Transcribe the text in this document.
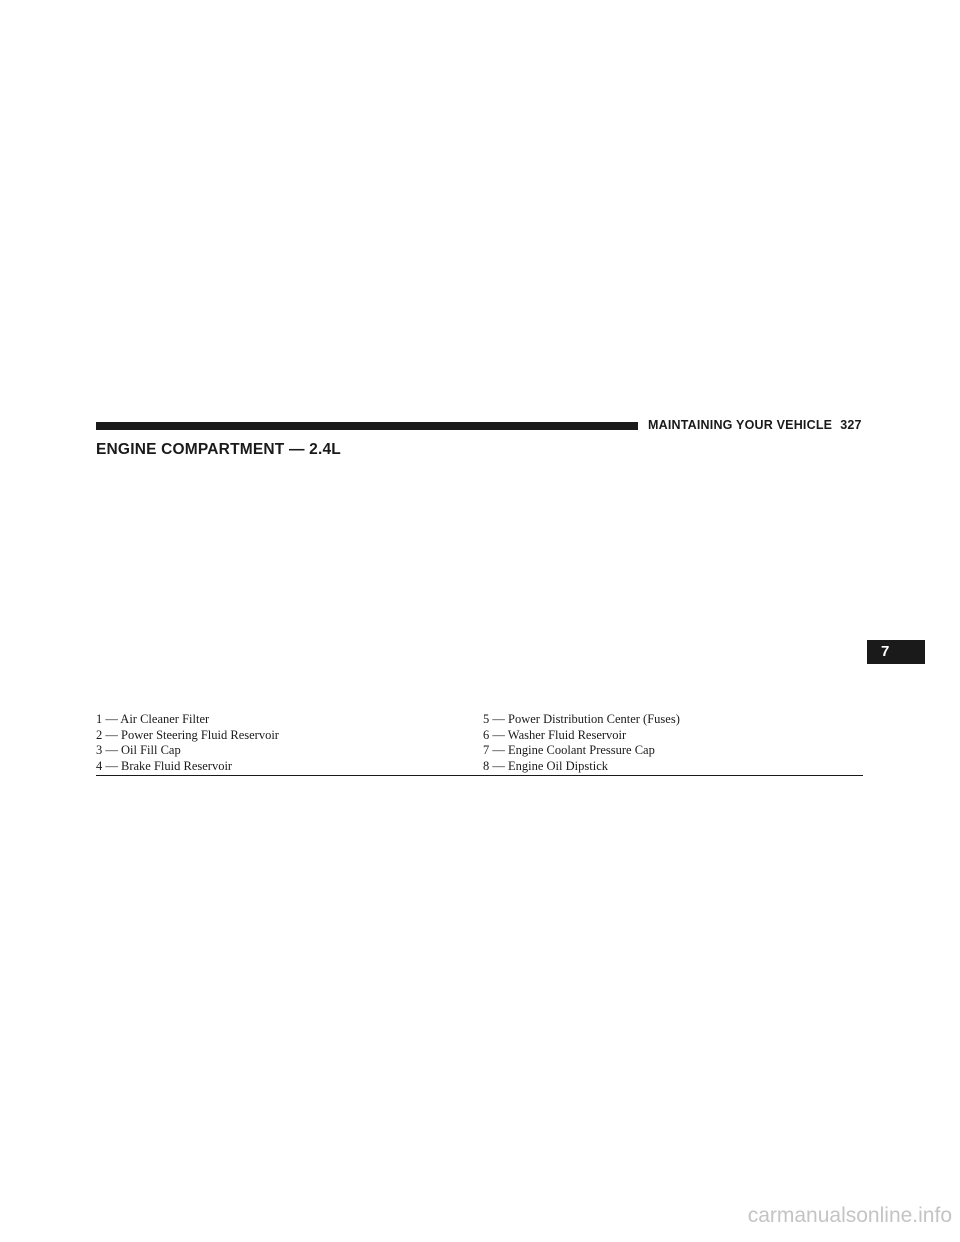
MAINTAINING YOUR VEHICLE 327
ENGINE COMPARTMENT — 2.4L
1 — Air Cleaner Filter
2 — Power Steering Fluid Reservoir
3 — Oil Fill Cap
4 — Brake Fluid Reservoir
5 — Power Distribution Center (Fuses)
6 — Washer Fluid Reservoir
7 — Engine Coolant Pressure Cap
8 — Engine Oil Dipstick
7
carmanualsonline.info
